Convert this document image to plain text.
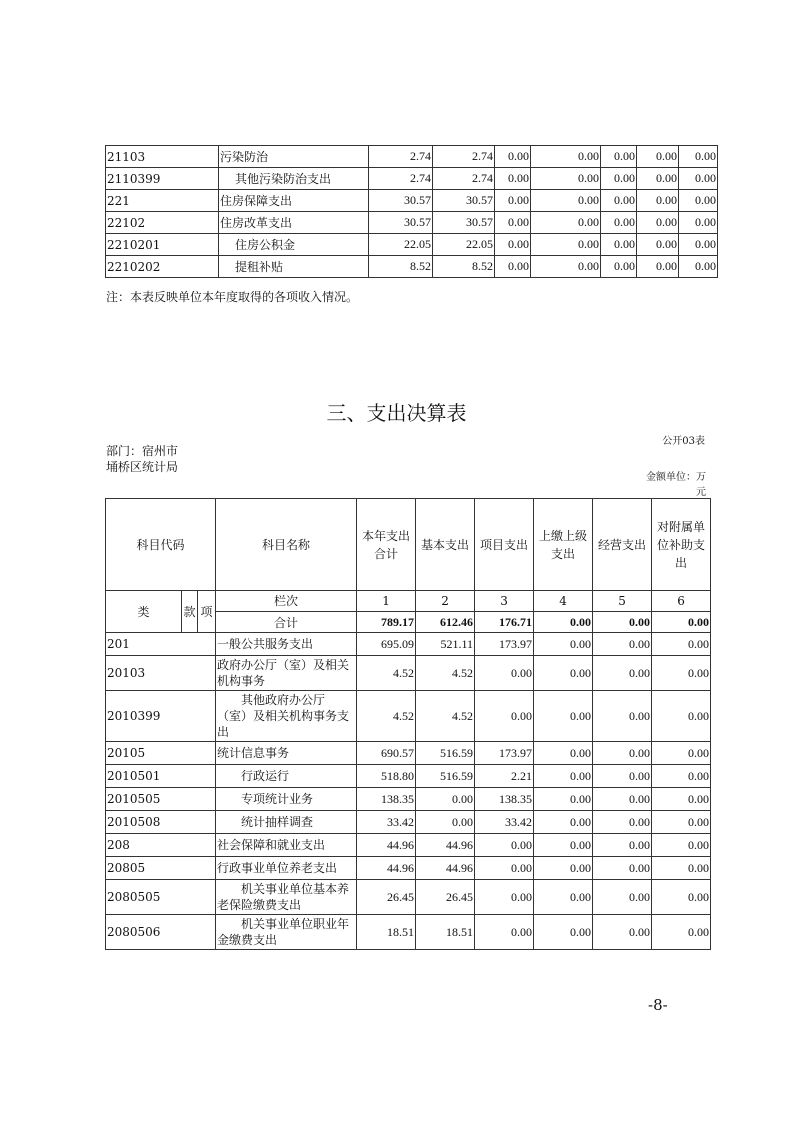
21103	污染防治	2.74	2.74	0.00	0.00	0.00	0.00	0.00
2110399	其他污染防治支出	2.74	2.74	0.00	0.00	0.00	0.00	0.00
221	住房保障支出	30.57	30.57	0.00	0.00	0.00	0.00	0.00
22102	住房改革支出	30.57	30.57	0.00	0.00	0.00	0.00	0.00
2210201	住房公积金	22.05	22.05	0.00	0.00	0.00	0.00	0.00
2210202	提租补贴	8.52	8.52	0.00	0.00	0.00	0.00	0.00
注：本表反映单位本年度取得的各项收入情况。
三、支出决算表
公开03表
部门：宿州市埇桥区统计局
金额单位：万元
科目代码			科目名称	本年支出合计	基本支出	项目支出	上缴上级支出	经营支出	对附属单位补助支出
类	款	项	栏次	1	2	3	4	5	6
			合计	789.17	612.46	176.71	0.00	0.00	0.00
201			一般公共服务支出	695.09	521.11	173.97	0.00	0.00	0.00
20103			政府办公厅（室）及相关机构事务	4.52	4.52	0.00	0.00	0.00	0.00
2010399			其他政府办公厅（室）及相关机构事务支出	4.52	4.52	0.00	0.00	0.00	0.00
20105			统计信息事务	690.57	516.59	173.97	0.00	0.00	0.00
2010501			行政运行	518.80	516.59	2.21	0.00	0.00	0.00
2010505			专项统计业务	138.35	0.00	138.35	0.00	0.00	0.00
2010508			统计抽样调查	33.42	0.00	33.42	0.00	0.00	0.00
208			社会保障和就业支出	44.96	44.96	0.00	0.00	0.00	0.00
20805			行政事业单位养老支出	44.96	44.96	0.00	0.00	0.00	0.00
2080505			机关事业单位基本养老保险缴费支出	26.45	26.45	0.00	0.00	0.00	0.00
2080506			机关事业单位职业年金缴费支出	18.51	18.51	0.00	0.00	0.00	0.00
-8-
